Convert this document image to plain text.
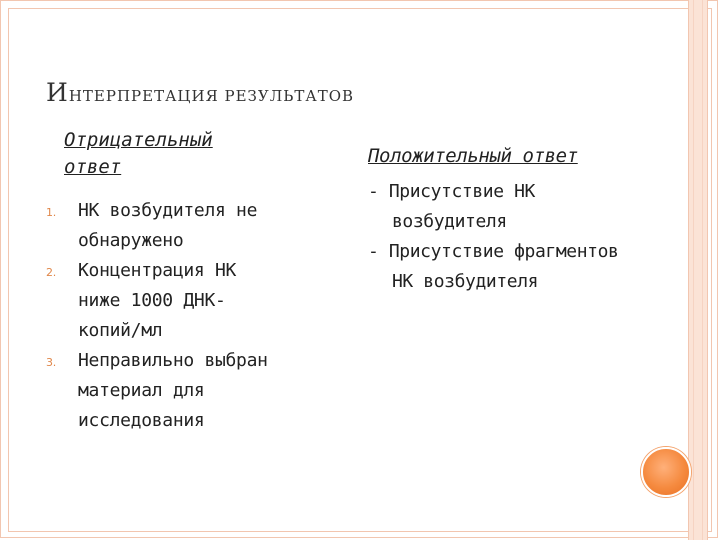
ИНТЕРПРЕТАЦИЯ РЕЗУЛЬТАТОВ
Отрицательный
ответ
1. НК возбудителя не
обнаружено
2. Концентрация НК
ниже 1000 ДНК-
копий/мл
3. Неправильно выбран
материал для
исследования
Положительный ответ
- Присутствие НК
возбудителя
- Присутствие фрагментов
НК возбудителя
